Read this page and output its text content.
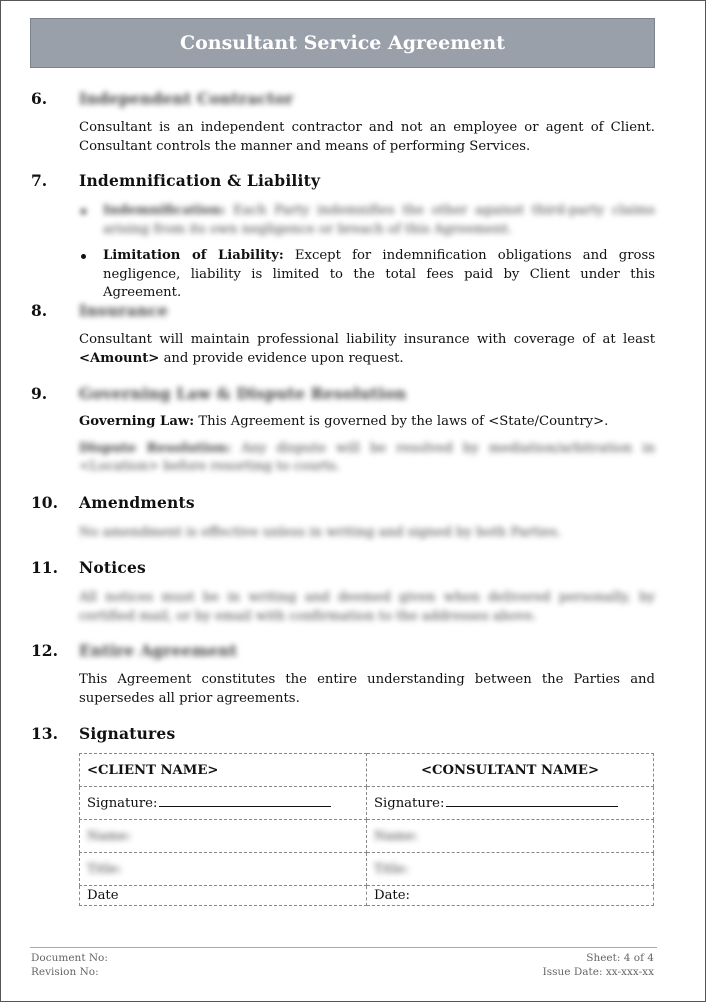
Consultant Service Agreement
6.	Independent Contractor

Consultant is an independent contractor and not an employee or agent of Client. Consultant controls the manner and means of performing Services.

7.	Indemnification & Liability
Indemnification: Each Party indemnifies the other against third-party claims arising from its own negligence or breach of this Agreement.
Limitation of Liability: Except for indemnification obligations and gross negligence, liability is limited to the total fees paid by Client under this Agreement.
8.	Insurance

Consultant will maintain professional liability insurance with coverage of at least <Amount> and provide evidence upon request.

9.	Governing Law & Dispute Resolution

Governing Law: This Agreement is governed by the laws of <State/Country>.

Dispute Resolution: Any dispute will be resolved by mediation/arbitration in <Location> before resorting to courts.

10.	Amendments

No amendment is effective unless in writing and signed by both Parties.

11.	Notices

All notices must be in writing and deemed given when delivered personally, by certified mail, or by email with confirmation to the addresses above.

12.	Entire Agreement

This Agreement constitutes the entire understanding between the Parties and supersedes all prior agreements.

13.	Signatures
<CLIENT NAME>	<CONSULTANT NAME>
Signature:	Signature:
Name:	Name:
Title:	Title:
Date	Date:
Document No:
Revision No:
Sheet: 4 of 4
Issue Date: xx-xxx-xx
